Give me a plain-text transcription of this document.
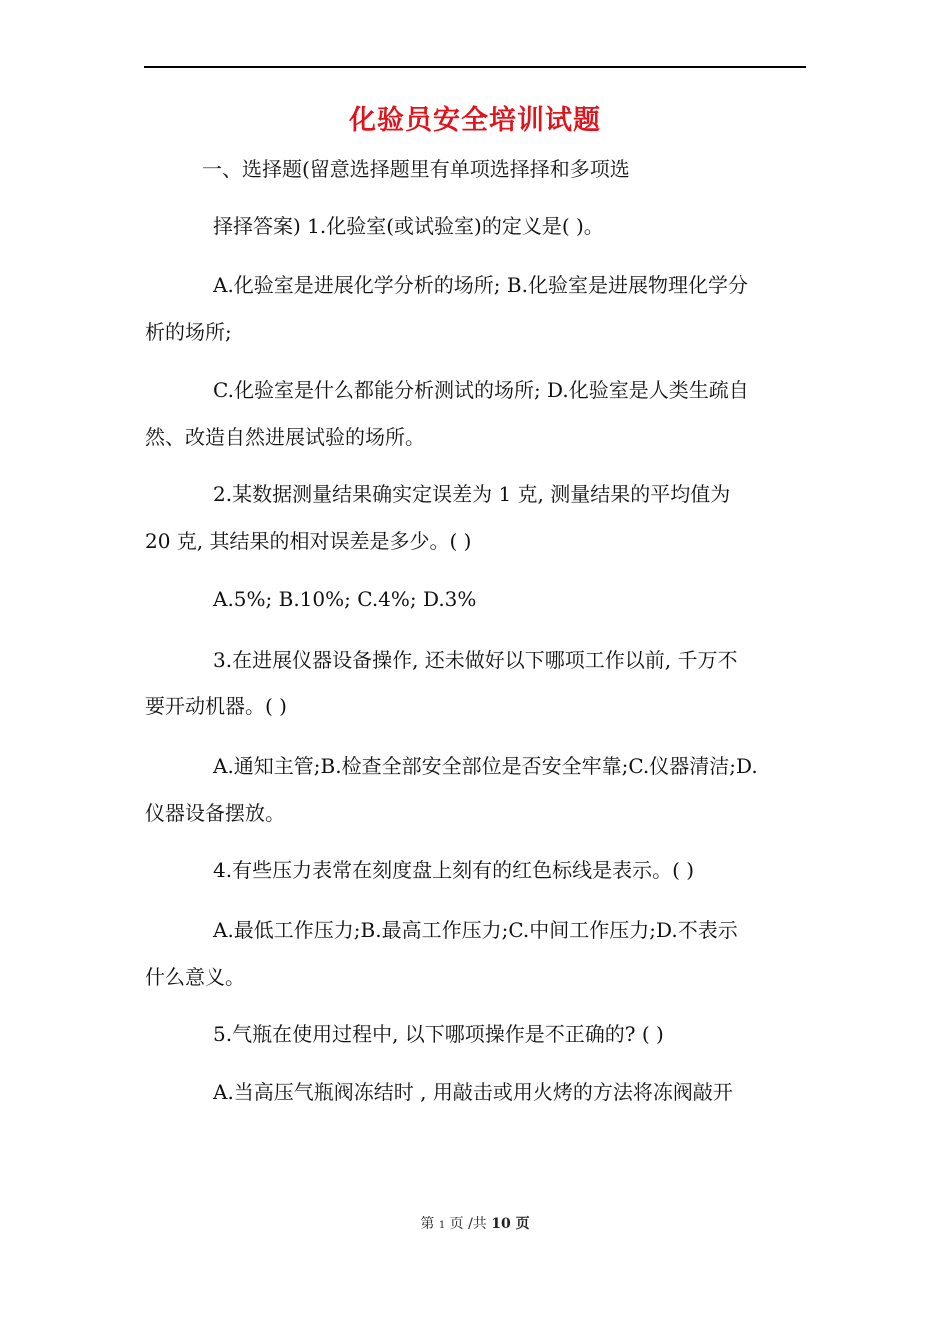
化验员安全培训试题
一、选择题(留意选择题里有单项选择择和多项选
择择答案) 1.化验室(或试验室)的定义是( )。
A.化验室是进展化学分析的场所; B.化验室是进展物理化学分
析的场所;
C.化验室是什么都能分析测试的场所; D.化验室是人类生疏自
然、改造自然进展试验的场所。
2.某数据测量结果确实定误差为 1 克, 测量结果的平均值为
20 克, 其结果的相对误差是多少。( )
A.5%; B.10%; C.4%; D.3%
3.在进展仪器设备操作, 还未做好以下哪项工作以前, 千万不
要开动机器。( )
A.通知主管;B.检查全部安全部位是否安全牢靠;C.仪器清洁;D.
仪器设备摆放。
4.有些压力表常在刻度盘上刻有的红色标线是表示。( )
A.最低工作压力;B.最高工作压力;C.中间工作压力;D.不表示
什么意义。
5.气瓶在使用过程中, 以下哪项操作是不正确的? ( )
A.当高压气瓶阀冻结时 , 用敲击或用火烤的方法将冻阀敲开
第 1 页 /共 10 页
